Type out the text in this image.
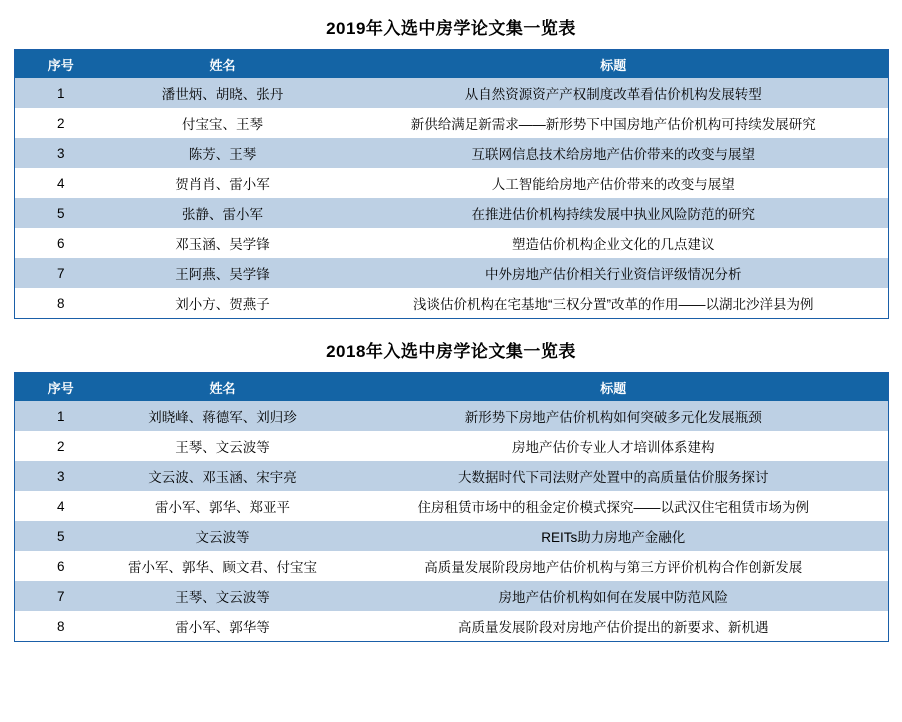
2019年入选中房学论文集一览表
序号	姓名	标题
1	潘世炳、胡晓、张丹	从自然资源资产产权制度改革看估价机构发展转型
2	付宝宝、王琴	新供给满足新需求——新形势下中国房地产估价机构可持续发展研究
3	陈芳、王琴	互联网信息技术给房地产估价带来的改变与展望
4	贺肖肖、雷小军	人工智能给房地产估价带来的改变与展望
5	张静、雷小军	在推进估价机构持续发展中执业风险防范的研究
6	邓玉涵、吴学锋	塑造估价机构企业文化的几点建议
7	王阿燕、吴学锋	中外房地产估价相关行业资信评级情况分析
8	刘小方、贺燕子	浅谈估价机构在宅基地“三权分置”改革的作用——以湖北沙洋县为例
2018年入选中房学论文集一览表
序号	姓名	标题
1	刘晓峰、蒋德军、刘归珍	新形势下房地产估价机构如何突破多元化发展瓶颈
2	王琴、文云波等	房地产估价专业人才培训体系建构
3	文云波、邓玉涵、宋宇亮	大数据时代下司法财产处置中的高质量估价服务探讨
4	雷小军、郭华、郑亚平	住房租赁市场中的租金定价模式探究——以武汉住宅租赁市场为例
5	文云波等	REITs助力房地产金融化
6	雷小军、郭华、顾文君、付宝宝	高质量发展阶段房地产估价机构与第三方评价机构合作创新发展
7	王琴、文云波等	房地产估价机构如何在发展中防范风险
8	雷小军、郭华等	高质量发展阶段对房地产估价提出的新要求、新机遇
